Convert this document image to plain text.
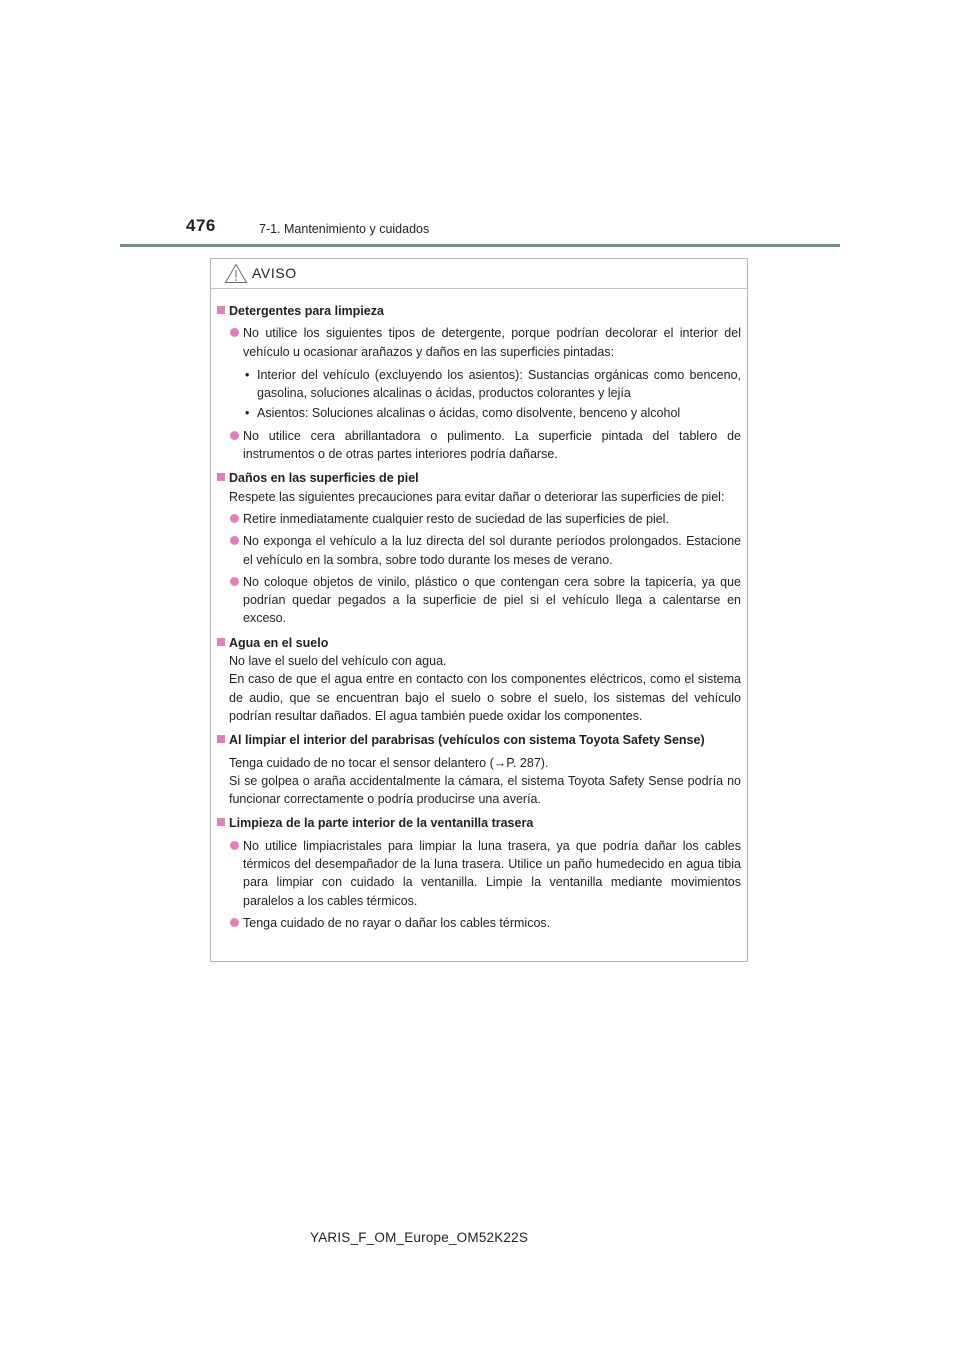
476	7-1. Mantenimiento y cuidados
AVISO
Detergentes para limpieza
No utilice los siguientes tipos de detergente, porque podrían decolorar el interior del vehículo u ocasionar arañazos y daños en las superficies pintadas:
• Interior del vehículo (excluyendo los asientos): Sustancias orgánicas como benceno, gasolina, soluciones alcalinas o ácidas, productos colorantes y lejía
• Asientos: Soluciones alcalinas o ácidas, como disolvente, benceno y alcohol
No utilice cera abrillantadora o pulimento. La superficie pintada del tablero de instrumentos o de otras partes interiores podría dañarse.
Daños en las superficies de piel
Respete las siguientes precauciones para evitar dañar o deteriorar las superficies de piel:
Retire inmediatamente cualquier resto de suciedad de las superficies de piel.
No exponga el vehículo a la luz directa del sol durante períodos prolongados. Estacione el vehículo en la sombra, sobre todo durante los meses de verano.
No coloque objetos de vinilo, plástico o que contengan cera sobre la tapicería, ya que podrían quedar pegados a la superficie de piel si el vehículo llega a calentarse en exceso.
Agua en el suelo
No lave el suelo del vehículo con agua.
En caso de que el agua entre en contacto con los componentes eléctricos, como el sistema de audio, que se encuentran bajo el suelo o sobre el suelo, los sistemas del vehículo podrían resultar dañados. El agua también puede oxidar los componentes.
Al limpiar el interior del parabrisas (vehículos con sistema Toyota Safety Sense)
Tenga cuidado de no tocar el sensor delantero (→P. 287).
Si se golpea o araña accidentalmente la cámara, el sistema Toyota Safety Sense podría no funcionar correctamente o podría producirse una avería.
Limpieza de la parte interior de la ventanilla trasera
No utilice limpiacristales para limpiar la luna trasera, ya que podría dañar los cables térmicos del desempañador de la luna trasera. Utilice un paño humedecido en agua tibia para limpiar con cuidado la ventanilla. Limpie la ventanilla mediante movimientos paralelos a los cables térmicos.
Tenga cuidado de no rayar o dañar los cables térmicos.
YARIS_F_OM_Europe_OM52K22S
